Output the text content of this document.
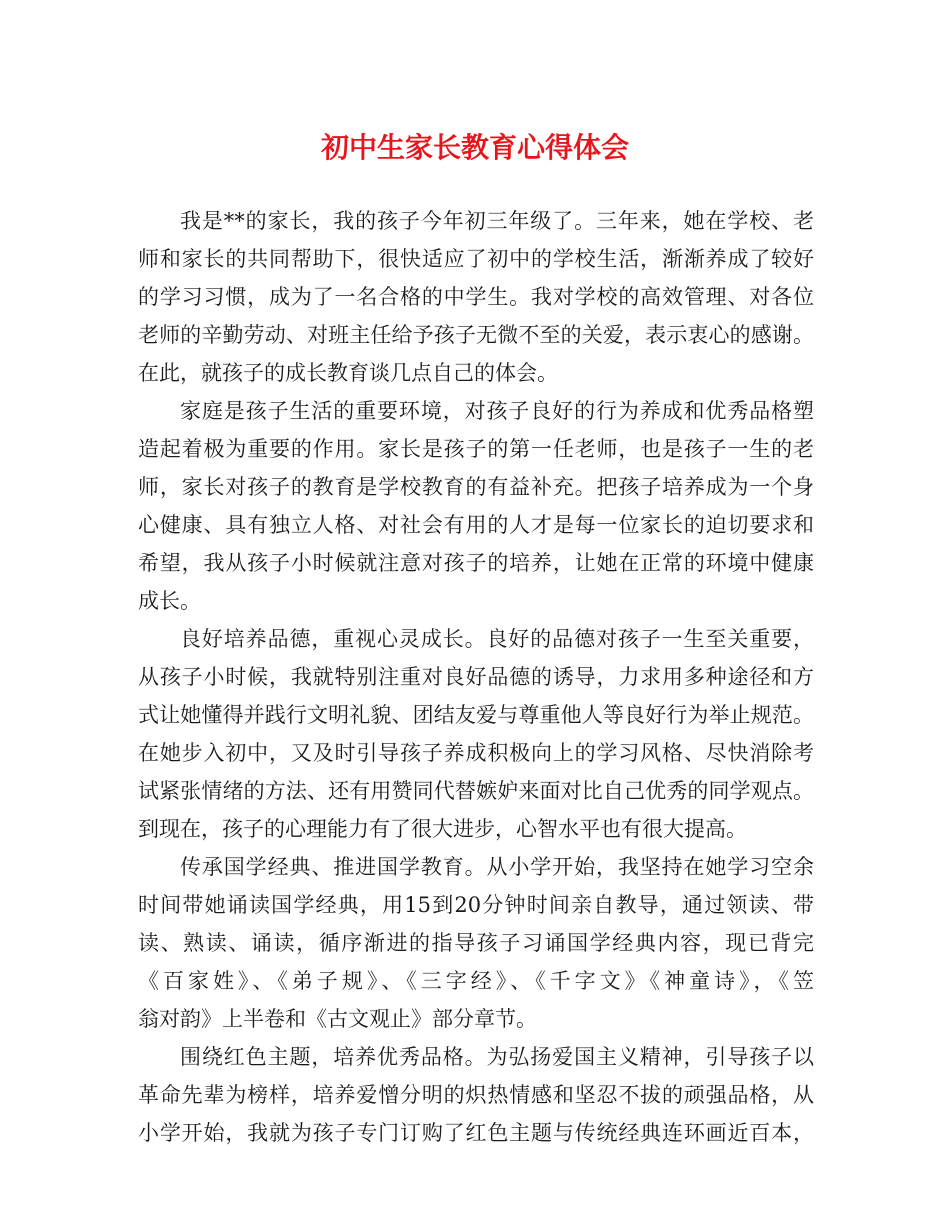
初中生家长教育心得体会
我是**的家长，我的孩子今年初三年级了。三年来，她在学校、老
师和家长的共同帮助下，很快适应了初中的学校生活，渐渐养成了较好
的学习习惯，成为了一名合格的中学生。我对学校的高效管理、对各位
老师的辛勤劳动、对班主任给予孩子无微不至的关爱，表示衷心的感谢。
在此，就孩子的成长教育谈几点自己的体会。
家庭是孩子生活的重要环境，对孩子良好的行为养成和优秀品格塑
造起着极为重要的作用。家长是孩子的第一任老师，也是孩子一生的老
师，家长对孩子的教育是学校教育的有益补充。把孩子培养成为一个身
心健康、具有独立人格、对社会有用的人才是每一位家长的迫切要求和
希望，我从孩子小时候就注意对孩子的培养，让她在正常的环境中健康
成长。
良好培养品德，重视心灵成长。良好的品德对孩子一生至关重要，
从孩子小时候，我就特别注重对良好品德的诱导，力求用多种途径和方
式让她懂得并践行文明礼貌、团结友爱与尊重他人等良好行为举止规范。
在她步入初中，又及时引导孩子养成积极向上的学习风格、尽快消除考
试紧张情绪的方法、还有用赞同代替嫉妒来面对比自己优秀的同学观点。
到现在，孩子的心理能力有了很大进步，心智水平也有很大提高。
传承国学经典、推进国学教育。从小学开始，我坚持在她学习空余
时间带她诵读国学经典，用15到20分钟时间亲自教导，通过领读、带
读、熟读、诵读，循序渐进的指导孩子习诵国学经典内容，现已背完
《百家姓》、《弟子规》、《三字经》、《千字文》《神童诗》，《笠
翁对韵》上半卷和《古文观止》部分章节。
围绕红色主题，培养优秀品格。为弘扬爱国主义精神，引导孩子以
革命先辈为榜样，培养爱憎分明的炽热情感和坚忍不拔的顽强品格，从
小学开始，我就为孩子专门订购了红色主题与传统经典连环画近百本，
